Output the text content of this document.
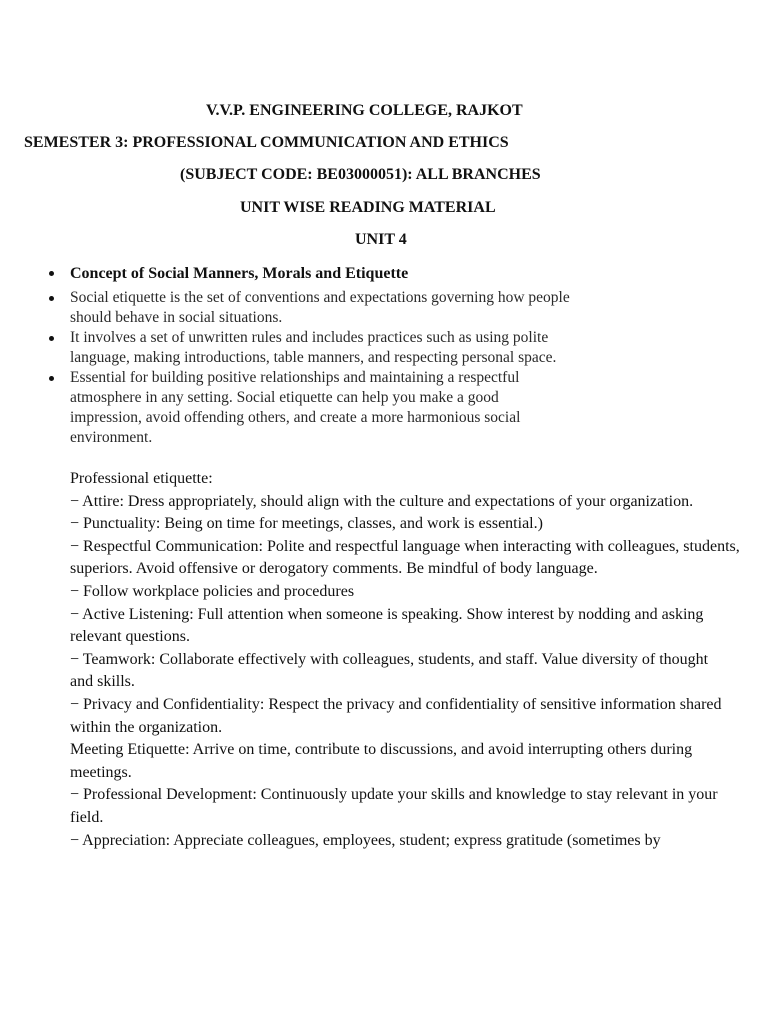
V.V.P. ENGINEERING COLLEGE, RAJKOT
SEMESTER 3: PROFESSIONAL COMMUNICATION AND ETHICS
(SUBJECT CODE: BE03000051): ALL BRANCHES
UNIT WISE READING MATERIAL
UNIT 4
Concept of Social Manners, Morals and Etiquette
Social etiquette is the set of conventions and expectations governing how people should behave in social situations.
It involves a set of unwritten rules and includes practices such as using polite language, making introductions, table manners, and respecting personal space.
Essential for building positive relationships and maintaining a respectful atmosphere in any setting. Social etiquette can help you make a good impression, avoid offending others, and create a more harmonious social environment.

Professional etiquette:

− Attire: Dress appropriately, should align with the culture and expectations of your organization.

− Punctuality: Being on time for meetings, classes, and work is essential.)

− Respectful Communication: Polite and respectful language when interacting with colleagues, students, superiors. Avoid offensive or derogatory comments. Be mindful of body language.

− Follow workplace policies and procedures

− Active Listening: Full attention when someone is speaking. Show interest by nodding and asking

relevant questions.

− Teamwork: Collaborate effectively with colleagues, students, and staff. Value diversity of thought

and skills.

− Privacy and Confidentiality: Respect the privacy and confidentiality of sensitive information shared within the organization.

Meeting Etiquette: Arrive on time, contribute to discussions, and avoid interrupting others during meetings.

− Professional Development: Continuously update your skills and knowledge to stay relevant in your field.

− Appreciation: Appreciate colleagues, employees, student; express gratitude (sometimes by
